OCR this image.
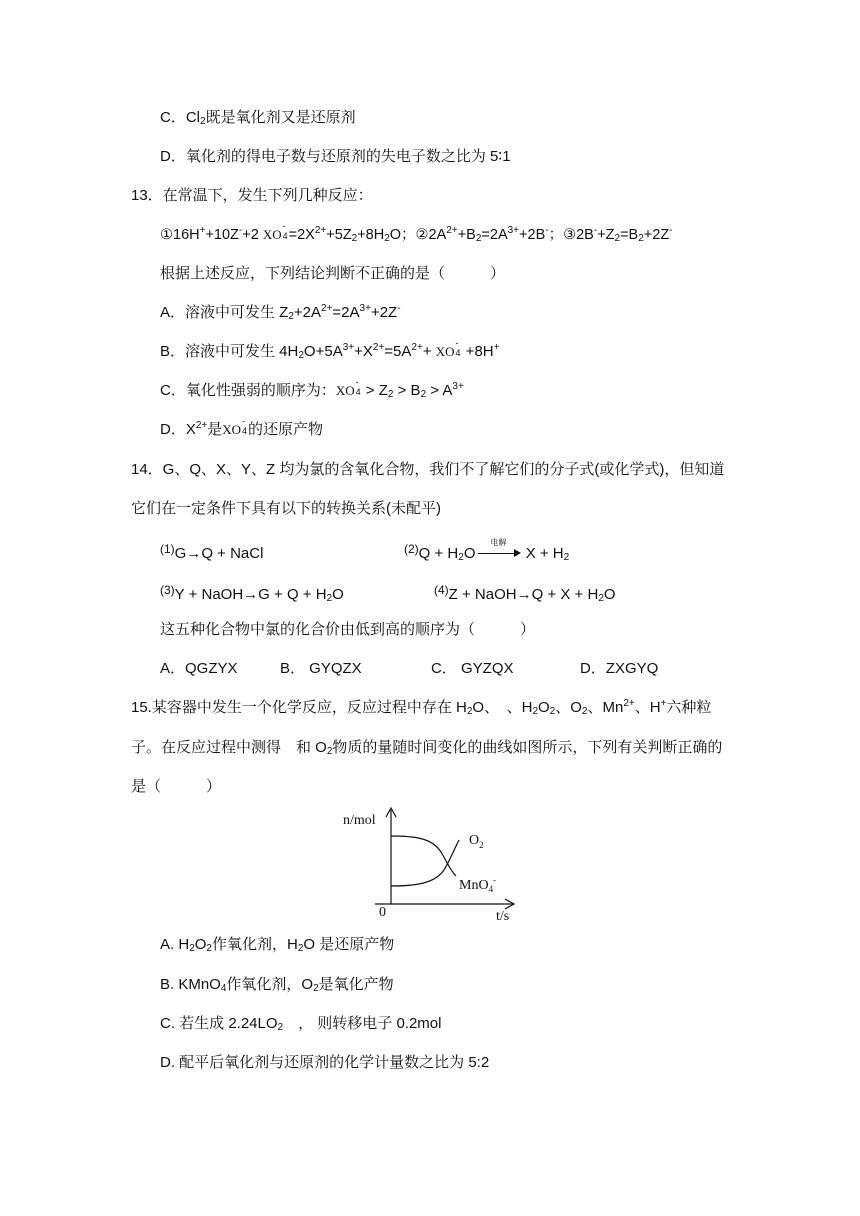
C．$Cl_2$既是氧化剂又是还原剂
D．氧化剂的得电子数与还原剂的失电子数之比为 5∶1
13．在常温下，发生下列几种反应：
①16H++10Z-+2 XO
-
$4 =2X^{2+}+5Z_2+8H_2O$；$②2A^{2+}+B_2=2A^{3+}+2B^-$；$③2B^-+Z_2=B_2+2Z^-$
根据上述反应，下列结论判断不正确的是（　　　）
A．溶液中可发生 $Z_2+2A^{2+}=2A^{3+}+2Z^-$
B．溶液中可发生 $4H_2O+5A^{3+}+X^{2+}=5A^{2+}+$ XO
-
4 +8H+
C．氧化性强弱的顺序为：XO
-
$4 > Z_2 > B_2 > A^{3+}$
D．$X^{2+}$是XO
-
4 的还原产物
14．G、Q、X、Y、Z 均为氯的含氧化合物，我们不了解它们的分子式(或化学式)，但知道
它们在一定条件下具有以下的转换关系(未配平)
$^{(1)}$G→Q + NaCl	$^{(2)}Q + H_2O$
电解
$X + H_2$
$^{(3)}$Y + NaOH→G + $Q + H_2O$	$^{(4)}$Z + NaOH→Q + $X + H_2O$
这五种化合物中氯的化合价由低到高的顺序为（　　　）
A．QGZYX	B． GYQZX	C． GYZQX	D．ZXGYQ
15.某容器中发生一个化学反应，反应过程中存在 $H_2O$、　、$H_2O_2$、$O_2$、$Mn^{2+}$、H+六种粒
子。在反应过程中测得　和 $O_2$物质的量随时间变化的曲线如图所示，下列有关判断正确的
是（　　　）
n/mol
0	t/s
$O_2$
MnO$_4$-
A. $H_2O_2$作氧化剂，$H_2O$ 是还原产物
B. KMnO$_4$作氧化剂，$O_2$是氧化产物
C. 若生成 $2.24LO_2$　， 则转移电子 0.2mol
D. 配平后氧化剂与还原剂的化学计量数之比为 5:2
